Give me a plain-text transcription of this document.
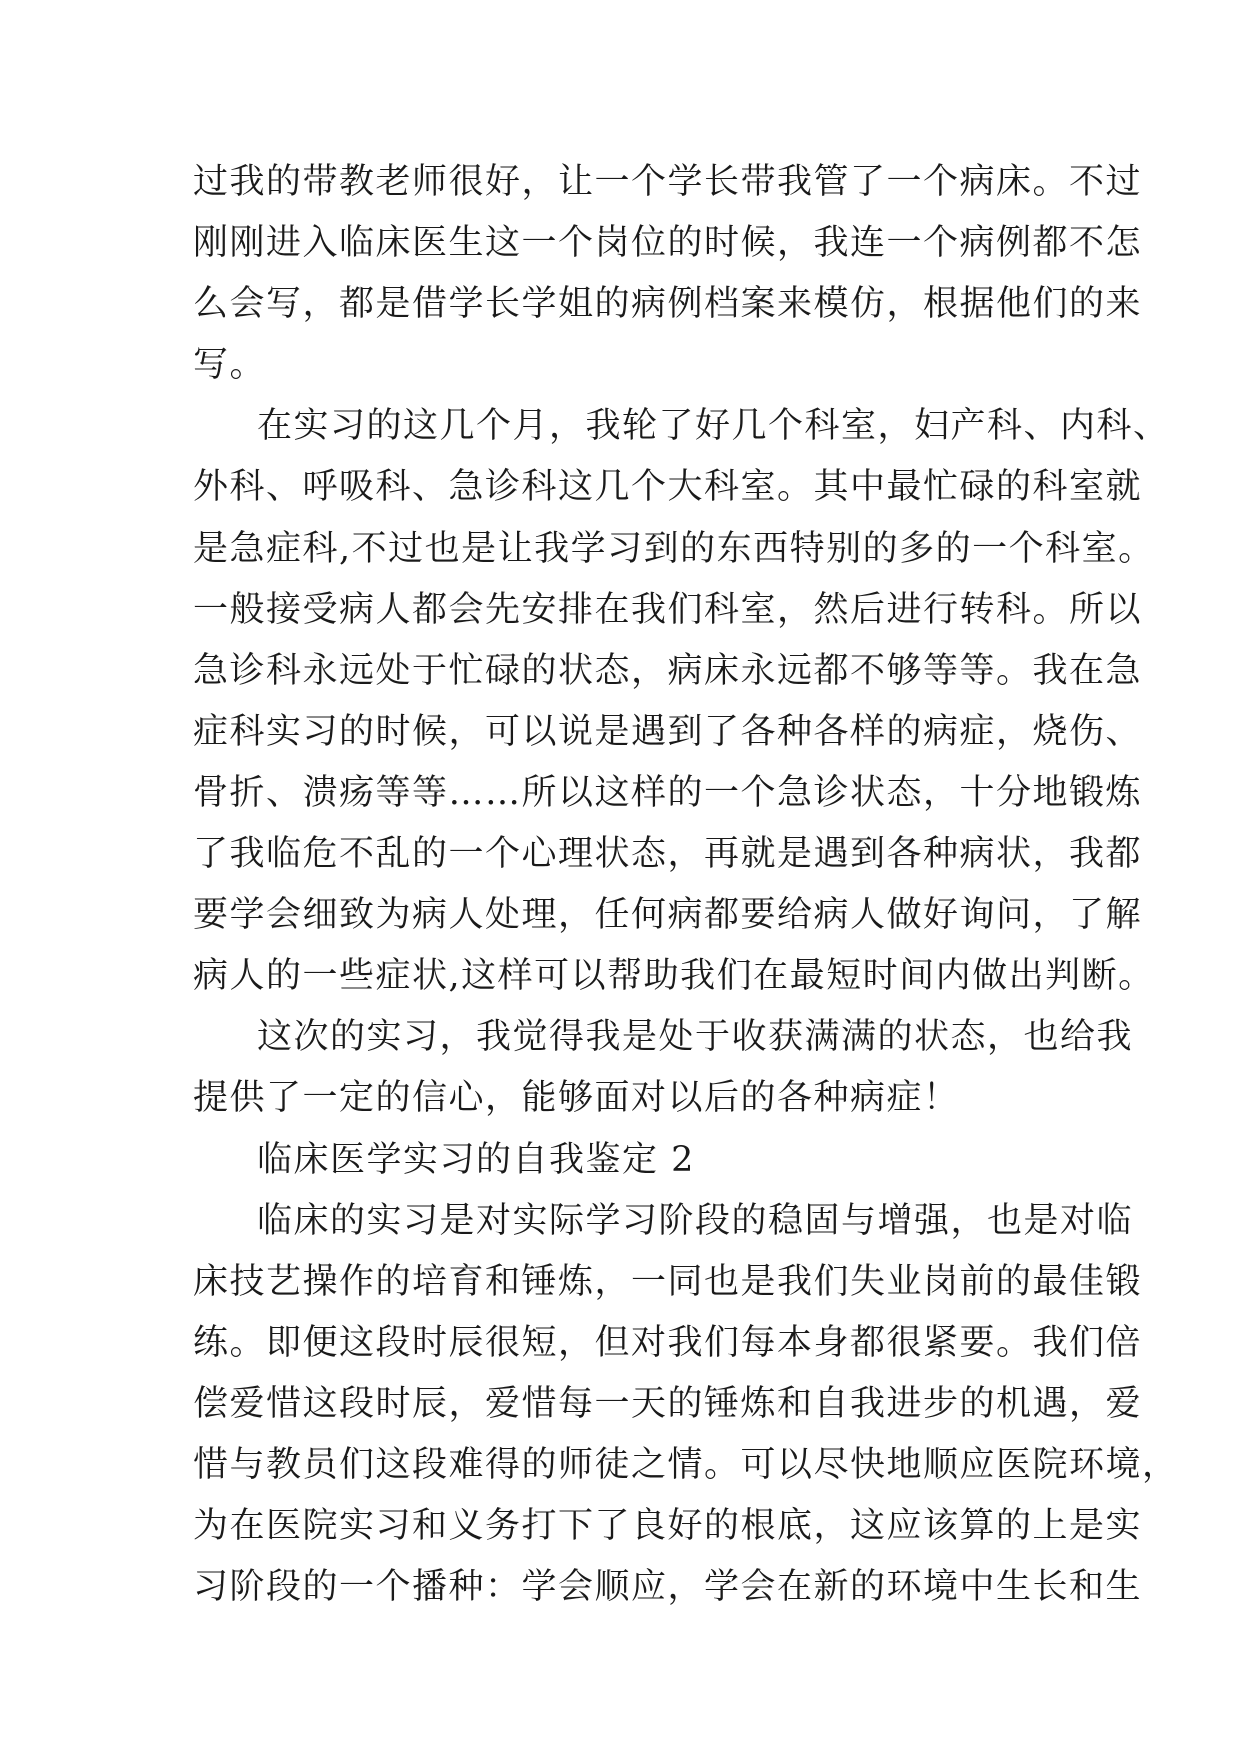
过我的带教老师很好，让一个学长带我管了一个病床。不过
刚刚进入临床医生这一个岗位的时候，我连一个病例都不怎
么会写，都是借学长学姐的病例档案来模仿，根据他们的来
写。
在实习的这几个月，我轮了好几个科室，妇产科、内科、
外科、呼吸科、急诊科这几个大科室。其中最忙碌的科室就
是急症科,不过也是让我学习到的东西特别的多的一个科室。
一般接受病人都会先安排在我们科室，然后进行转科。所以
急诊科永远处于忙碌的状态，病床永远都不够等等。我在急
症科实习的时候，可以说是遇到了各种各样的病症，烧伤、
骨折、溃疡等等……所以这样的一个急诊状态，十分地锻炼
了我临危不乱的一个心理状态，再就是遇到各种病状，我都
要学会细致为病人处理，任何病都要给病人做好询问，了解
病人的一些症状,这样可以帮助我们在最短时间内做出判断。
这次的实习，我觉得我是处于收获满满的状态，也给我
提供了一定的信心，能够面对以后的各种病症！
临床医学实习的自我鉴定 2
临床的实习是对实际学习阶段的稳固与增强，也是对临
床技艺操作的培育和锤炼，一同也是我们失业岗前的最佳锻
练。即便这段时辰很短，但对我们每本身都很紧要。我们倍
偿爱惜这段时辰，爱惜每一天的锤炼和自我进步的机遇，爱
惜与教员们这段难得的师徒之情。可以尽快地顺应医院环境，
为在医院实习和义务打下了良好的根底，这应该算的上是实
习阶段的一个播种：学会顺应，学会在新的环境中生长和生
